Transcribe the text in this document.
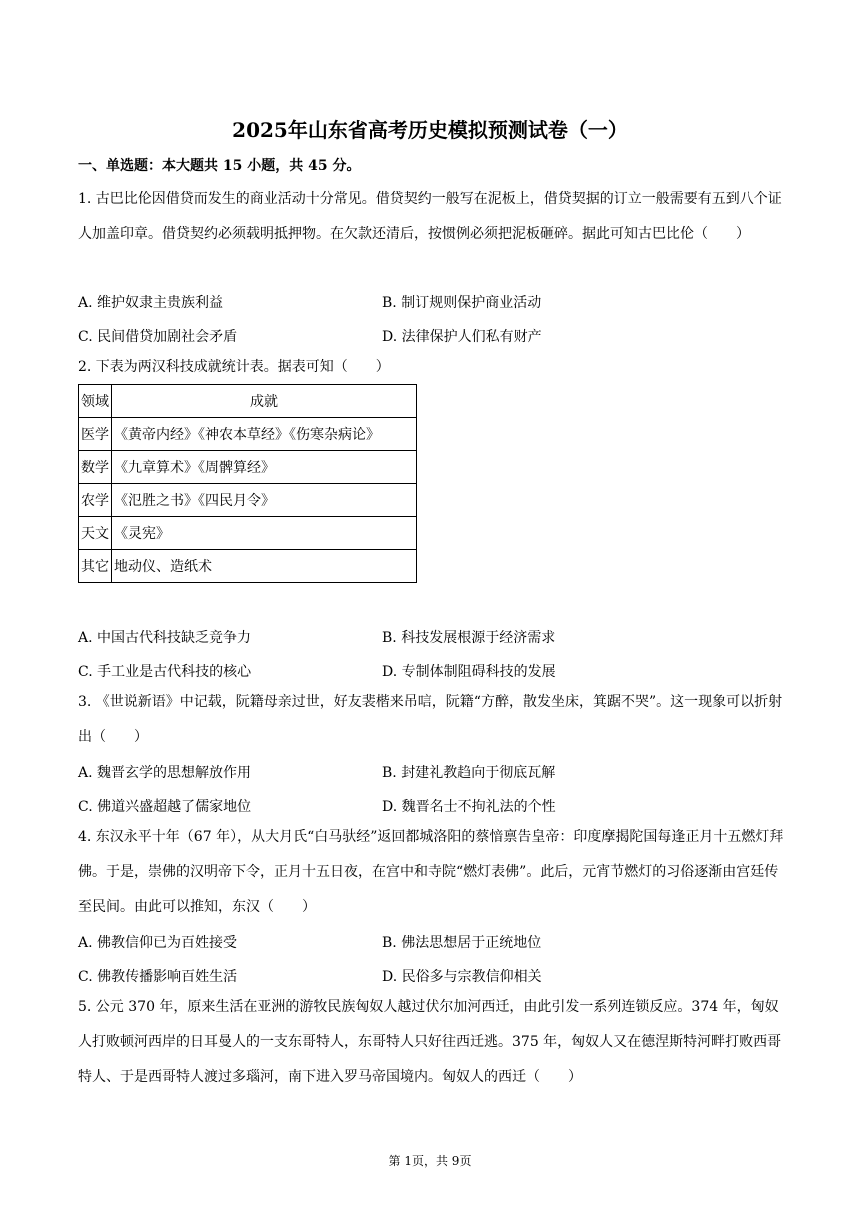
2025年山东省高考历史模拟预测试卷（一）
一、单选题：本大题共 15 小题，共 45 分。
1. 古巴比伦因借贷而发生的商业活动十分常见。借贷契约一般写在泥板上，借贷契据的订立一般需要有五到八个证人加盖印章。借贷契约必须载明抵押物。在欠款还清后，按惯例必须把泥板砸碎。据此可知古巴比伦（　　）
A. 维护奴隶主贵族利益	B. 制订规则保护商业活动
C. 民间借贷加剧社会矛盾	D. 法律保护人们私有财产
2. 下表为两汉科技成就统计表。据表可知（　　）
领域	成就
医学	《黄帝内经》《神农本草经》《伤寒杂病论》
数学	《九章算术》《周髀算经》
农学	《氾胜之书》《四民月令》
天文	《灵宪》
其它	地动仪、造纸术
A. 中国古代科技缺乏竞争力	B. 科技发展根源于经济需求
C. 手工业是古代科技的核心	D. 专制体制阻碍科技的发展
3. 《世说新语》中记载，阮籍母亲过世，好友裴楷来吊唁，阮籍“方醉，散发坐床，箕踞不哭”。这一现象可以折射出（　　）
A. 魏晋玄学的思想解放作用	B. 封建礼教趋向于彻底瓦解
C. 佛道兴盛超越了儒家地位	D. 魏晋名士不拘礼法的个性
4. 东汉永平十年（67 年），从大月氏“白马驮经”返回都城洛阳的蔡愔禀告皇帝：印度摩揭陀国每逢正月十五燃灯拜佛。于是，崇佛的汉明帝下令，正月十五日夜，在宫中和寺院“燃灯表佛”。此后，元宵节燃灯的习俗逐渐由宫廷传至民间。由此可以推知，东汉（　　）
A. 佛教信仰已为百姓接受	B. 佛法思想居于正统地位
C. 佛教传播影响百姓生活	D. 民俗多与宗教信仰相关
5. 公元 370 年，原来生活在亚洲的游牧民族匈奴人越过伏尔加河西迁，由此引发一系列连锁反应。374 年，匈奴人打败顿河西岸的日耳曼人的一支东哥特人，东哥特人只好往西迁逃。375 年，匈奴人又在德涅斯特河畔打败西哥特人、于是西哥特人渡过多瑙河，南下进入罗马帝国境内。匈奴人的西迁（　　）
第 1页，共 9页
